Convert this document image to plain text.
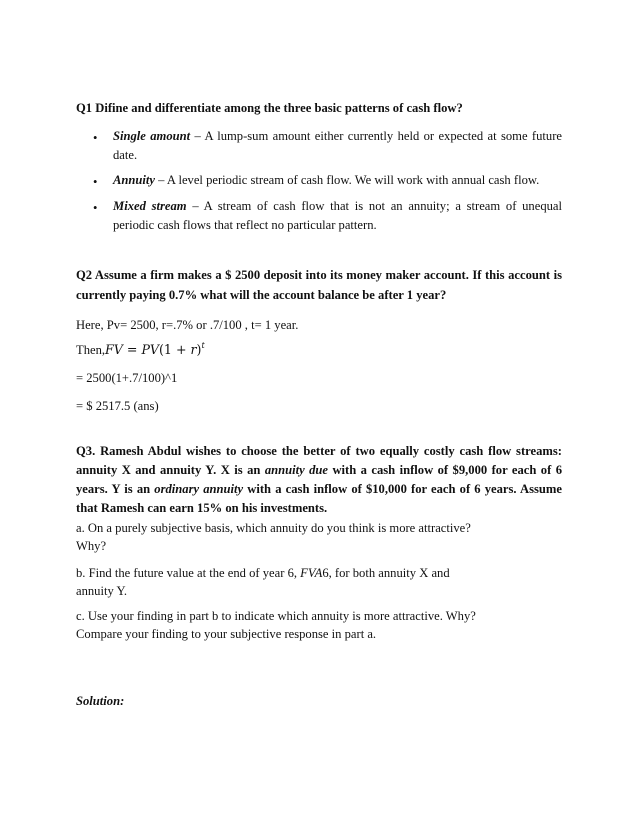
Q1 Difine and differentiate among the three basic patterns of cash flow?
• Single amount – A lump-sum amount either currently held or expected at some future date.
• Annuity – A level periodic stream of cash flow. We will work with annual cash flow.
• Mixed stream – A stream of cash flow that is not an annuity; a stream of unequal periodic cash flows that reflect no particular pattern.
Q2 Assume a firm makes a $ 2500 deposit into its money maker account. If this account is currently paying 0.7% what will the account balance be after 1 year?
Here, Pv= 2500, r=.7% or .7/100 , t= 1 year.
Then,FV = $PV(1 + r)^t$
= 2500(1+.7/100)^1
= $ 2517.5 (ans)
Q3. Ramesh Abdul wishes to choose the better of two equally costly cash flow streams: annuity X and annuity Y. X is an annuity due with a cash inflow of $9,000 for each of 6 years. Y is an ordinary annuity with a cash inflow of $10,000 for each of 6 years. Assume that Ramesh can earn 15% on his investments.
a. On a purely subjective basis, which annuity do you think is more attractive?
Why?
b. Find the future value at the end of year 6, FVA6, for both annuity X and
annuity Y.
c. Use your finding in part b to indicate which annuity is more attractive. Why?
Compare your finding to your subjective response in part a.
Solution:
